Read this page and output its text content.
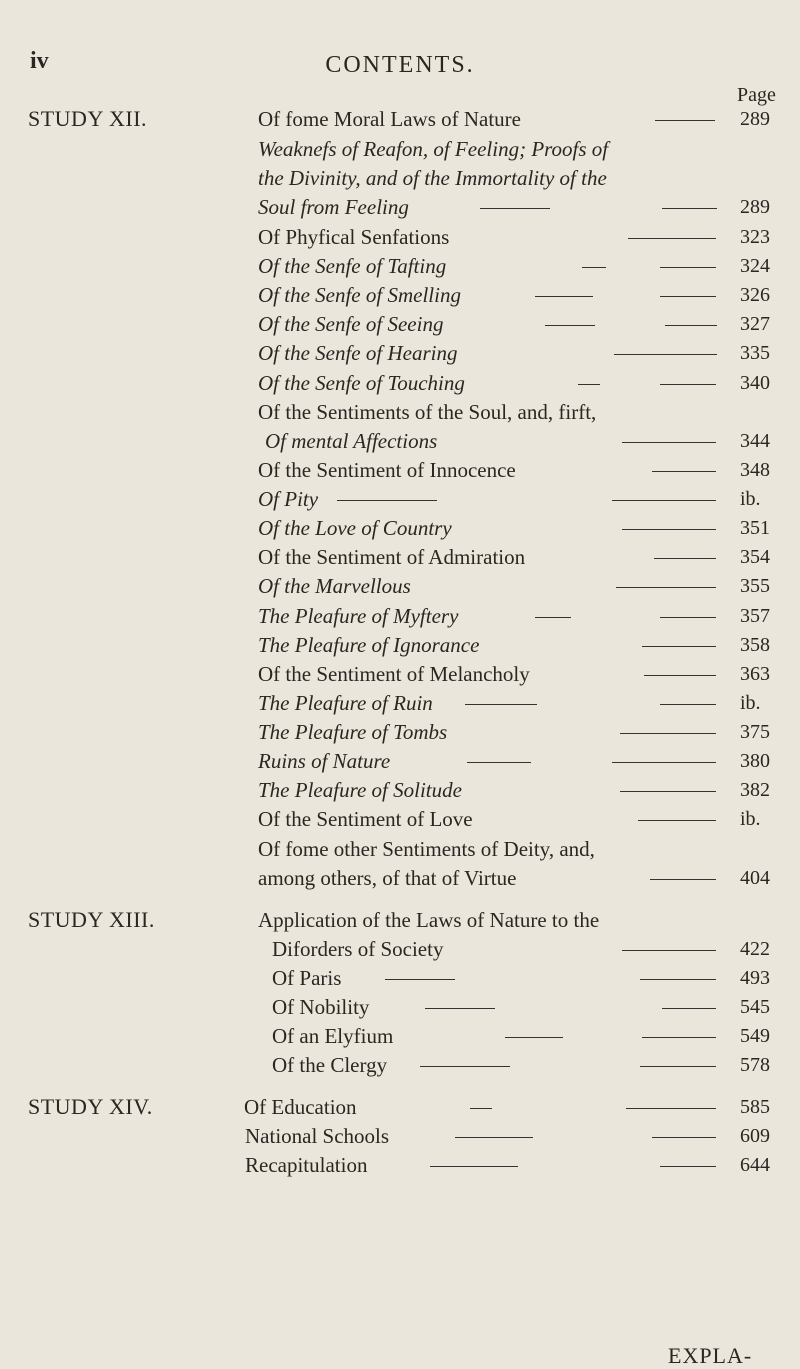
iv	CONTENTS.
Page
STUDY XII.	Of fome Moral Laws of Nature	289
Weaknefs of Reafon, of Feeling; Proofs of
the Divinity, and of the Immortality of the
Soul from Feeling	289
Of Phyfical Senfations	323
Of the Senfe of Tafting	324
Of the Senfe of Smelling	326
Of the Senfe of Seeing	327
Of the Senfe of Hearing	335
Of the Senfe of Touching	340
Of the Sentiments of the Soul, and, firft,
Of mental Affections	344
Of the Sentiment of Innocence	348
Of Pity	ib.
Of the Love of Country	351
Of the Sentiment of Admiration	354
Of the Marvellous	355
The Pleafure of Myftery	357
The Pleafure of Ignorance	358
Of the Sentiment of Melancholy	363
The Pleafure of Ruin	ib.
The Pleafure of Tombs	375
Ruins of Nature	380
The Pleafure of Solitude	382
Of the Sentiment of Love	ib.
Of fome other Sentiments of Deity, and,
among others, of that of Virtue	404
STUDY XIII.	Application of the Laws of Nature to the
Diforders of Society	422
Of Paris	493
Of Nobility	545
Of an Elyfium	549
Of the Clergy	578
STUDY XIV.	Of Education	585
National Schools	609
Recapitulation	644
EXPLA-
